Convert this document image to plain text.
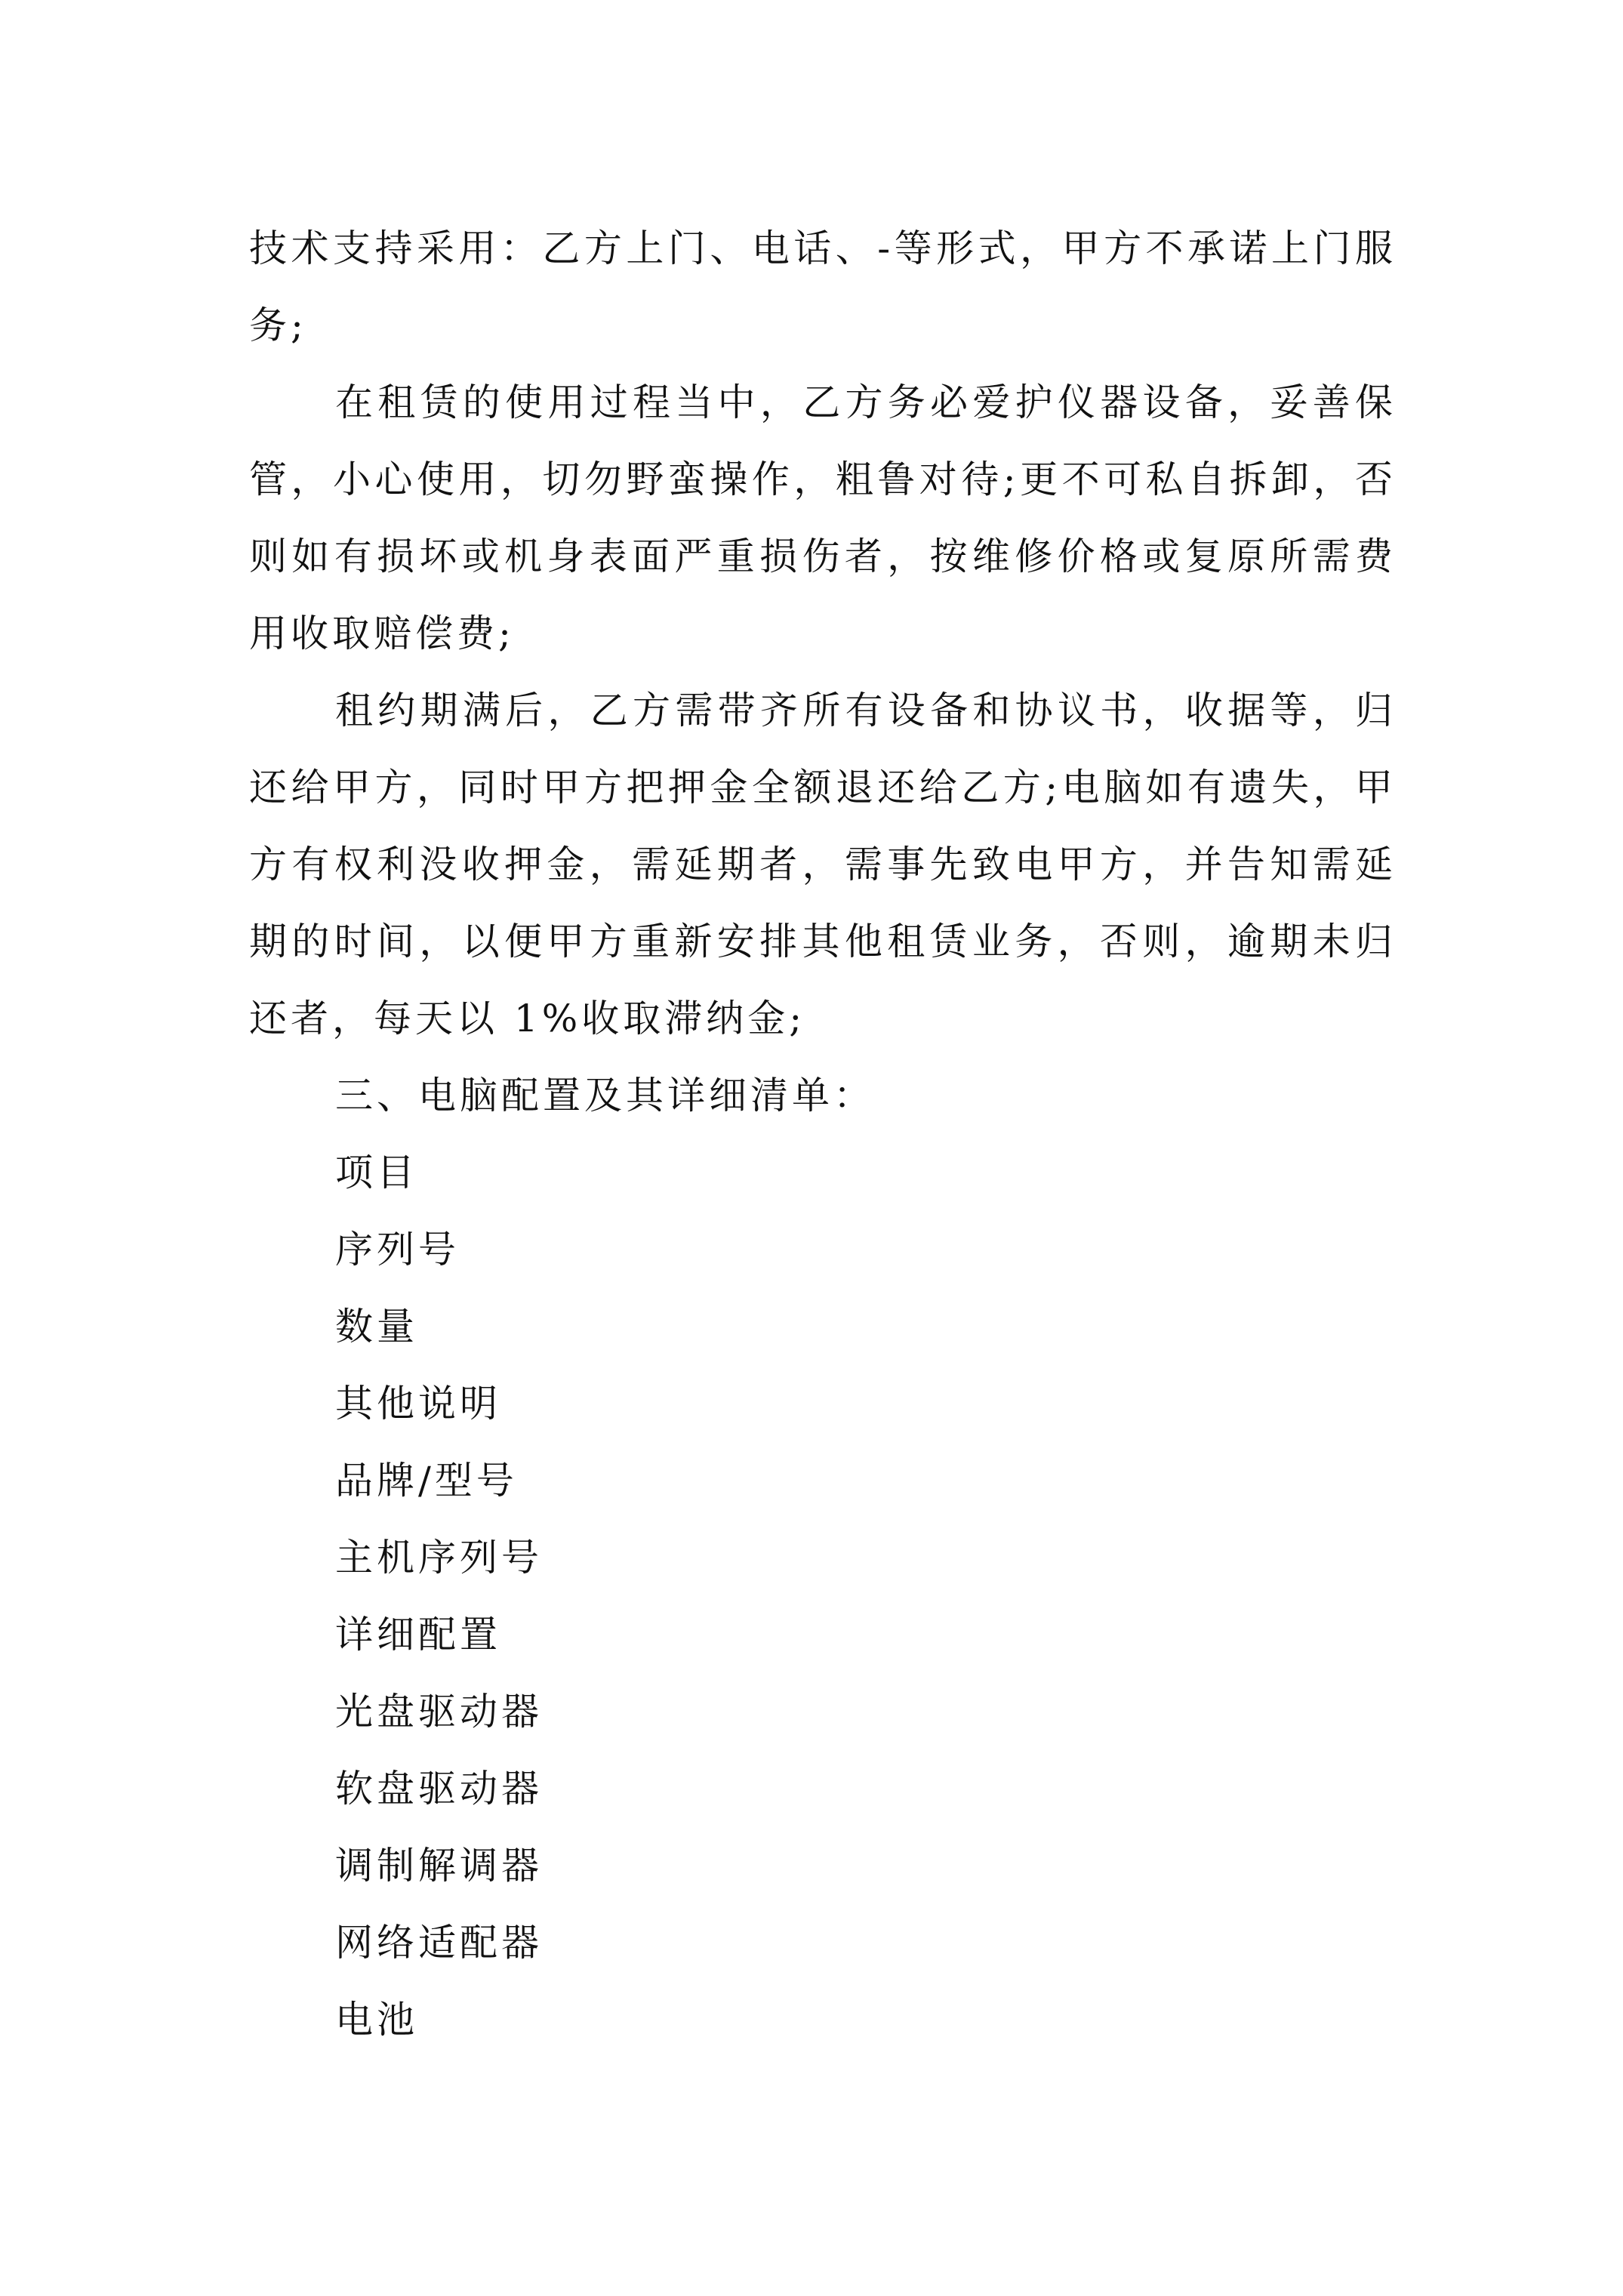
技术支持采用：乙方上门、电话、-等形式，甲方不承诺上门服务;

在租赁的使用过程当中，乙方务必爱护仪器设备，妥善保管，小心使用，切勿野蛮操作，粗鲁对待;更不可私自拆卸，否则如有损坏或机身表面严重损伤者，按维修价格或复原所需费用收取赔偿费;

租约期满后，乙方需带齐所有设备和协议书，收据等，归还给甲方，同时甲方把押金全额退还给乙方;电脑如有遗失，甲方有权利没收押金，需延期者，需事先致电甲方，并告知需延期的时间，以便甲方重新安排其他租赁业务，否则，逾期未归还者，每天以 1%收取滞纳金;

三、电脑配置及其详细清单：

项目

序列号

数量

其他说明

品牌/型号

主机序列号

详细配置

光盘驱动器

软盘驱动器

调制解调器

网络适配器

电池
